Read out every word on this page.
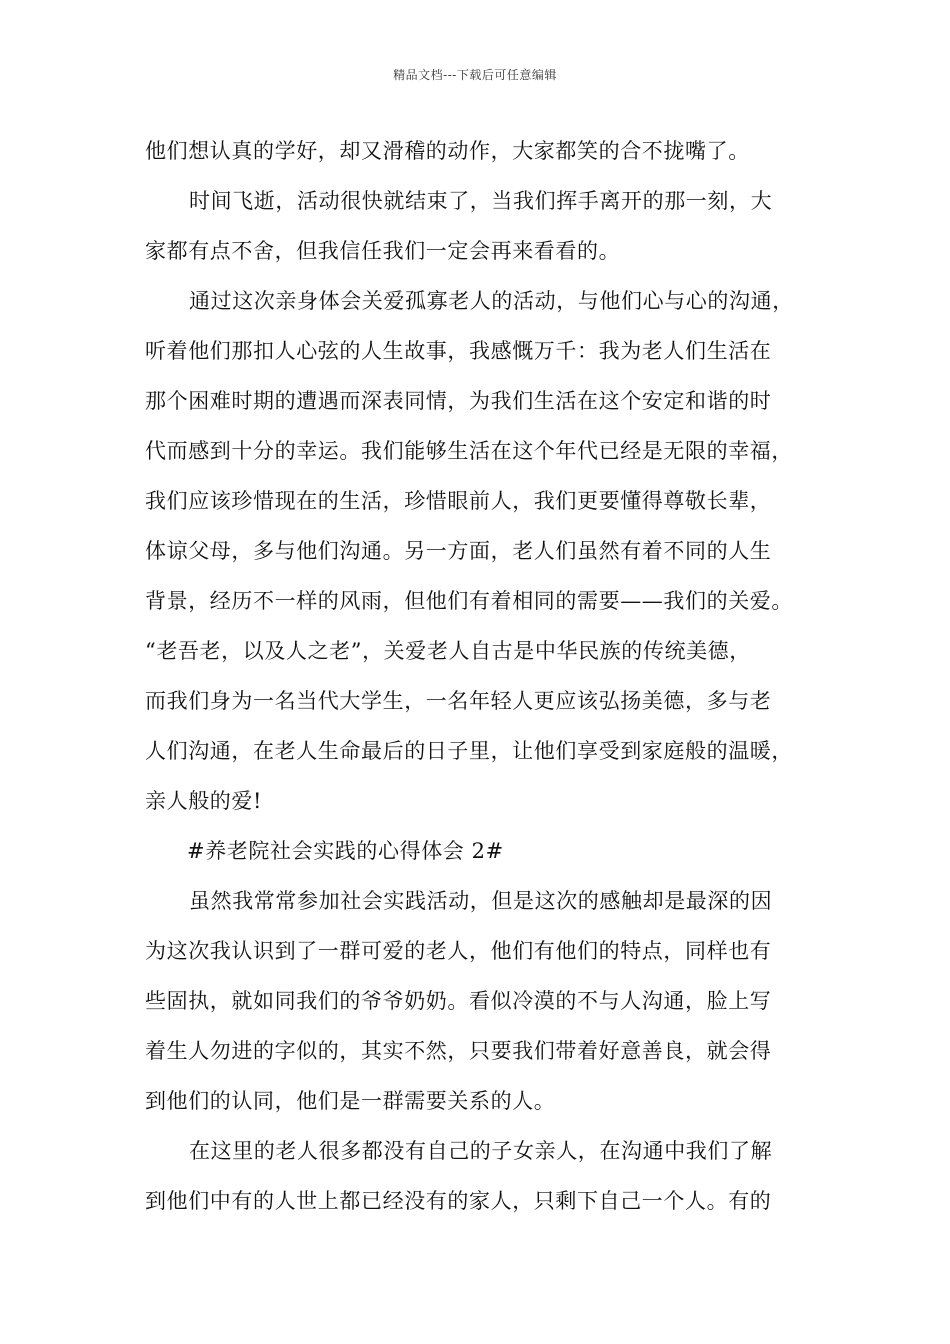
精品文档---下载后可任意编辑
他们想认真的学好，却又滑稽的动作，大家都笑的合不拢嘴了。
时间飞逝，活动很快就结束了，当我们挥手离开的那一刻，大
家都有点不舍，但我信任我们一定会再来看看的。
通过这次亲身体会关爱孤寡老人的活动，与他们心与心的沟通，
听着他们那扣人心弦的人生故事，我感慨万千：我为老人们生活在
那个困难时期的遭遇而深表同情，为我们生活在这个安定和谐的时
代而感到十分的幸运。我们能够生活在这个年代已经是无限的幸福，
我们应该珍惜现在的生活，珍惜眼前人，我们更要懂得尊敬长辈，
体谅父母，多与他们沟通。另一方面，老人们虽然有着不同的人生
背景，经历不一样的风雨，但他们有着相同的需要——我们的关爱。
“老吾老，以及人之老”，关爱老人自古是中华民族的传统美德，
而我们身为一名当代大学生，一名年轻人更应该弘扬美德，多与老
人们沟通，在老人生命最后的日子里，让他们享受到家庭般的温暖，
亲人般的爱!
#养老院社会实践的心得体会 2#
虽然我常常参加社会实践活动，但是这次的感触却是最深的因
为这次我认识到了一群可爱的老人，他们有他们的特点，同样也有
些固执，就如同我们的爷爷奶奶。看似冷漠的不与人沟通，脸上写
着生人勿进的字似的，其实不然，只要我们带着好意善良，就会得
到他们的认同，他们是一群需要关系的人。
在这里的老人很多都没有自己的子女亲人，在沟通中我们了解
到他们中有的人世上都已经没有的家人，只剩下自己一个人。有的
